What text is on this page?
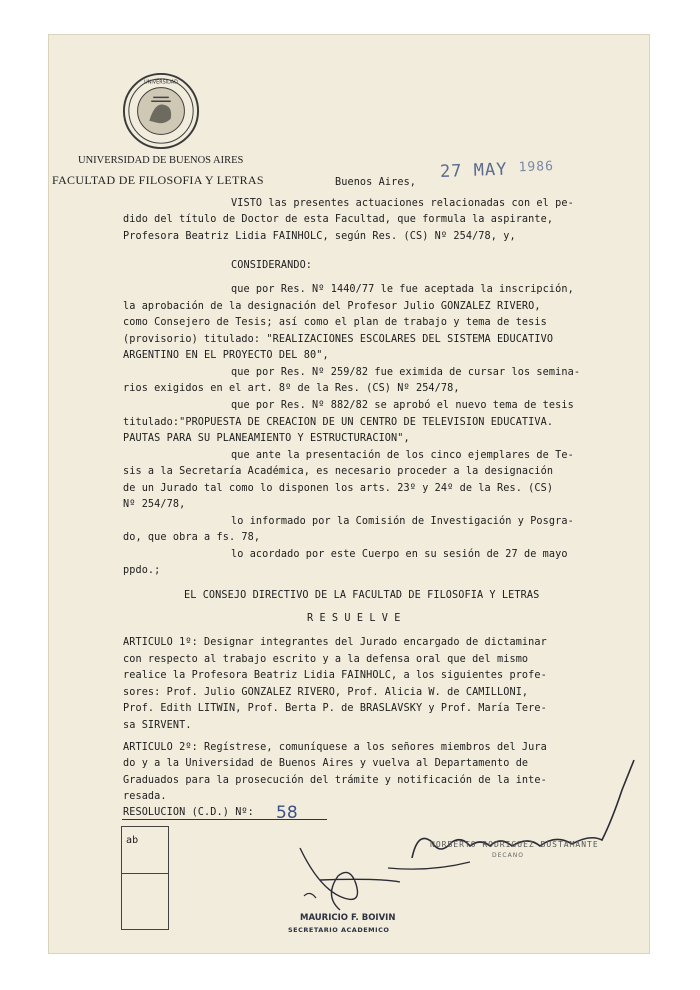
UNIVERSIDAD
UNIVERSIDAD DE BUENOS AIRES
FACULTAD DE FILOSOFIA Y LETRAS	Buenos Aires,
27 MAY 1986
VISTO las presentes actuaciones relacionadas con el pe-
dido del título de Doctor de esta Facultad, que formula la aspirante,
Profesora Beatriz Lidia FAINHOLC, según Res. (CS) Nº 254/78, y,
CONSIDERANDO:
que por Res. Nº 1440/77 le fue aceptada la inscripción,
la aprobación de la designación del Profesor Julio GONZALEZ RIVERO,
como Consejero de Tesis; así como el plan de trabajo y tema de tesis
(provisorio) titulado: "REALIZACIONES ESCOLARES DEL SISTEMA EDUCATIVO
ARGENTINO EN EL PROYECTO DEL 80",
que por Res. Nº 259/82 fue eximida de cursar los semina-
rios exigidos en el art. 8º de la Res. (CS) Nº 254/78,
que por Res. Nº 882/82 se aprobó el nuevo tema de tesis
titulado:"PROPUESTA DE CREACION DE UN CENTRO DE TELEVISION EDUCATIVA.
PAUTAS PARA SU PLANEAMIENTO Y ESTRUCTURACION",
que ante la presentación de los cinco ejemplares de Te-
sis a la Secretaría Académica, es necesario proceder a la designación
de un Jurado tal como lo disponen los arts. 23º y 24º de la Res. (CS)
Nº 254/78,
lo informado por la Comisión de Investigación y Posgra-
do, que obra a fs. 78,
lo acordado por este Cuerpo en su sesión de 27 de mayo
ppdo.;
EL CONSEJO DIRECTIVO DE LA FACULTAD DE FILOSOFIA Y LETRAS
R E S U E L V E
ARTICULO 1º: Designar integrantes del Jurado encargado de dictaminar
con respecto al trabajo escrito y a la defensa oral que del mismo
realice la Profesora Beatriz Lidia FAINHOLC, a los siguientes profe-
sores: Prof. Julio GONZALEZ RIVERO, Prof. Alicia W. de CAMILLONI,
Prof. Edith LITWIN, Prof. Berta P. de BRASLAVSKY y Prof. María Tere-
sa SIRVENT.
ARTICULO 2º: Regístrese, comuníquese a los señores miembros del Jura
do y a la Universidad de Buenos Aires y vuelva al Departamento de
Graduados para la prosecución del trámite y notificación de la inte-
resada.
RESOLUCION (C.D.) Nº: 58
ab	NORBERTO RODRIGUEZ BUSTAMANTE
DECANO
MAURICIO F. BOIVIN
SECRETARIO ACADEMICO
